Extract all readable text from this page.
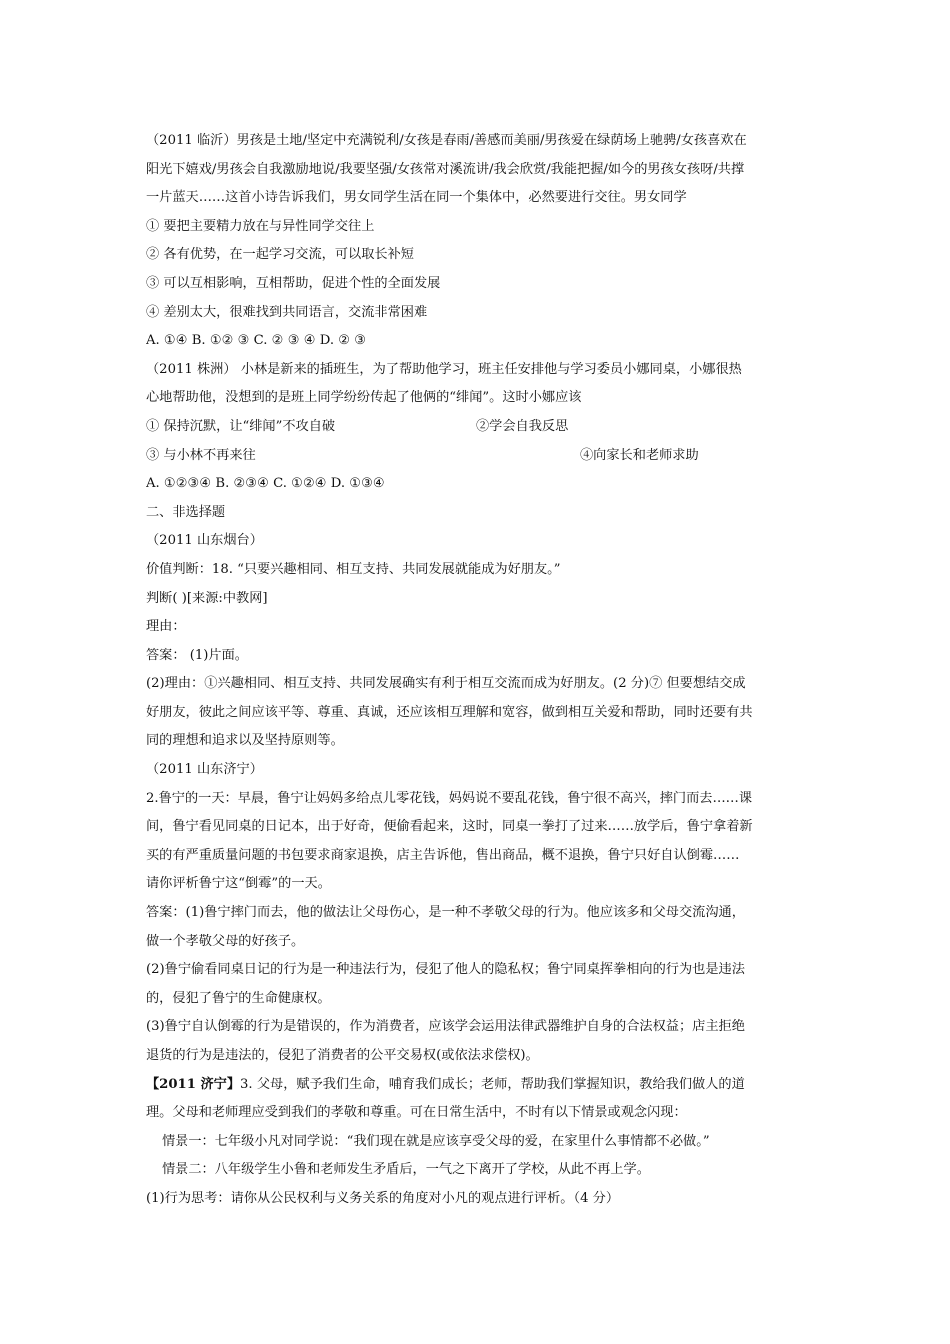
（2011 临沂）男孩是土地/坚定中充满锐利/女孩是春雨/善感而美丽/男孩爱在绿荫场上驰骋/女孩喜欢在
阳光下嬉戏/男孩会自我激励地说/我要坚强/女孩常对溪流讲/我会欣赏/我能把握/如今的男孩女孩呀/共撑
一片蓝天……这首小诗告诉我们，男女同学生活在同一个集体中，必然要进行交往。男女同学
① 要把主要精力放在与异性同学交往上
② 各有优势，在一起学习交流，可以取长补短
③ 可以互相影响，互相帮助，促进个性的全面发展
④ 差别太大，很难找到共同语言，交流非常困难
A. ①④ B. ①② ③ C. ② ③ ④ D. ② ③
（2011 株洲） 小林是新来的插班生，为了帮助他学习，班主任安排他与学习委员小娜同桌，小娜很热
心地帮助他，没想到的是班上同学纷纷传起了他俩的“绯闻”。这时小娜应该
① 保持沉默，让“绯闻”不攻自破	②学会自我反思
③ 与小林不再来往	④向家长和老师求助
A. ①②③④ B. ②③④ C. ①②④ D. ①③④
二、非选择题
（2011 山东烟台）
价值判断：18. “只要兴趣相同、相互支持、共同发展就能成为好朋友。”
判断( )[来源:中教网]
理由：
答案： (1)片面。
(2)理由：①兴趣相同、相互支持、共同发展确实有利于相互交流而成为好朋友。(2 分)⑦ 但要想结交成
好朋友，彼此之间应该平等、尊重、真诚，还应该相互理解和宽容，做到相互关爱和帮助，同时还要有共
同的理想和追求以及坚持原则等。
（2011 山东济宁）
2.鲁宁的一天：早晨，鲁宁让妈妈多给点儿零花钱，妈妈说不要乱花钱，鲁宁很不高兴，摔门而去……课
间，鲁宁看见同桌的日记本，出于好奇，便偷看起来，这时，同桌一拳打了过来……放学后，鲁宁拿着新
买的有严重质量问题的书包要求商家退换，店主告诉他，售出商品，概不退换，鲁宁只好自认倒霉……
请你评析鲁宁这“倒霉”的一天。
答案：(1)鲁宁摔门而去，他的做法让父母伤心，是一种不孝敬父母的行为。他应该多和父母交流沟通，
做一个孝敬父母的好孩子。
(2)鲁宁偷看同桌日记的行为是一种违法行为，侵犯了他人的隐私权；鲁宁同桌挥拳相向的行为也是违法
的，侵犯了鲁宁的生命健康权。
(3)鲁宁自认倒霉的行为是错误的，作为消费者，应该学会运用法律武器维护自身的合法权益；店主拒绝
退货的行为是违法的，侵犯了消费者的公平交易权(或依法求偿权)。
【2011 济宁】3. 父母，赋予我们生命，哺育我们成长；老师，帮助我们掌握知识，教给我们做人的道
理。父母和老师理应受到我们的孝敬和尊重。可在日常生活中，不时有以下情景或观念闪现：
情景一：七年级小凡对同学说：“我们现在就是应该享受父母的爱，在家里什么事情都不必做。”
情景二：八年级学生小鲁和老师发生矛盾后，一气之下离开了学校，从此不再上学。
(1)行为思考：请你从公民权利与义务关系的角度对小凡的观点进行评析。（4 分）
